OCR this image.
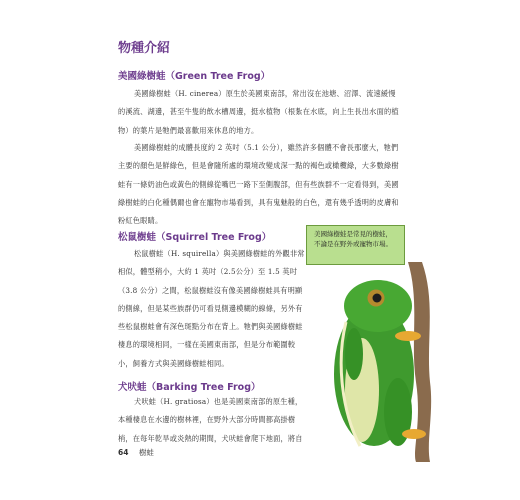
物種介紹
美國綠樹蛙（Green Tree Frog）

美國綠樹蛙（H. cinerea）原生於美國東南部，常出沒在池塘、沼澤、流速緩慢的溪流、湖邊，甚至牛隻的飲水槽周邊，挺水植物（根紮在水底，向上生長出水面的植物）的葉片是牠們最喜歡用來休息的地方。

美國綠樹蛙的成體長度約 2 英吋（5.1 公分），雖然許多個體不會長那麼大，牠們主要的顏色是鮮綠色，但是會隨所處的環境改變成深一點的褐色或橄欖綠，大多數綠樹蛙有一條奶油色或黃色的側線從嘴巴一路下至側腹部，但有些族群不一定看得到，美國綠樹蛙的白化種偶爾也會在寵物市場看到，具有鬼魅般的白色，還有幾乎透明的皮膚和粉紅色眼睛。

松鼠樹蛙（Squirrel Tree Frog）

松鼠樹蛙（H. squirella）與美國綠樹蛙的外觀非常相似，體型稍小，大約 1 英吋（2.5公分）至 1.5 英吋（3.8 公分）之間，松鼠樹蛙沒有像美國綠樹蛙具有明顯的側線，但是某些族群仍可看見側邊模糊的線條，另外有些松鼠樹蛙會有深色斑點分布在背上。牠們與美國綠樹蛙棲息的環境相同，一樣在美國東南部，但是分布範圍較小，飼養方式與美國綠樹蛙相同。

犬吠蛙（Barking Tree Frog）

犬吠蛙（H. gratiosa）也是美國東南部的原生種，本種棲息在水邊的樹林裡，在野外大部分時間都高掛樹梢，在每年乾旱或炎熱的期間，犬吠蛙會爬下地面，將自

美國綠樹蛙是常見的樹蛙，不論是在野外或寵物市場。
64 樹蛙
